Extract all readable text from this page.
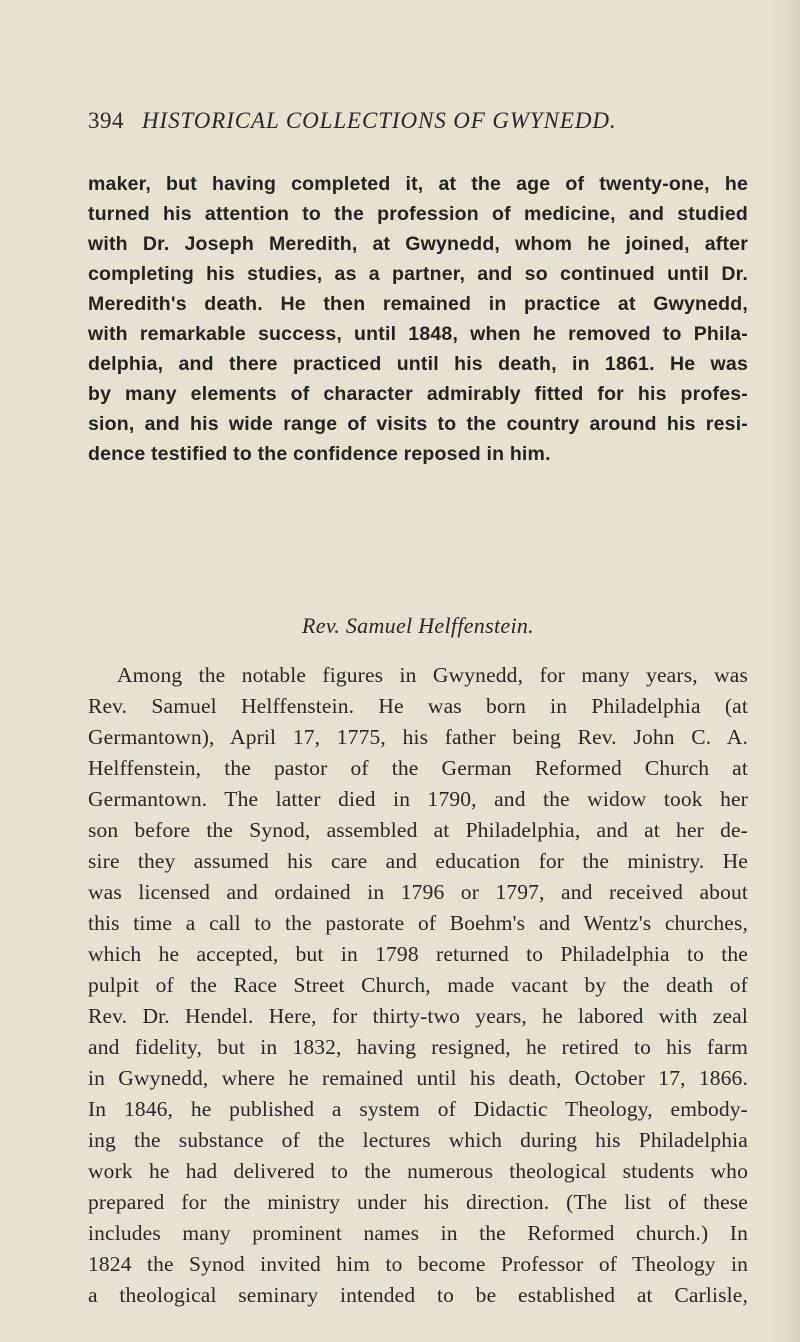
394 HISTORICAL COLLECTIONS OF GWYNEDD.
maker, but having completed it, at the age of twenty-one, he
turned his attention to the profession of medicine, and studied
with Dr. Joseph Meredith, at Gwynedd, whom he joined, after
completing his studies, as a partner, and so continued until Dr.
Meredith's death. He then remained in practice at Gwynedd,
with remarkable success, until 1848, when he removed to Phila-
delphia, and there practiced until his death, in 1861. He was
by many elements of character admirably fitted for his profes-
sion, and his wide range of visits to the country around his resi-
dence testified to the confidence reposed in him.
Rev. Samuel Helffenstein.
Among the notable figures in Gwynedd, for many years, was
Rev. Samuel Helffenstein. He was born in Philadelphia (at
Germantown), April 17, 1775, his father being Rev. John C. A.
Helffenstein, the pastor of the German Reformed Church at
Germantown. The latter died in 1790, and the widow took her
son before the Synod, assembled at Philadelphia, and at her de-
sire they assumed his care and education for the ministry. He
was licensed and ordained in 1796 or 1797, and received about
this time a call to the pastorate of Boehm's and Wentz's churches,
which he accepted, but in 1798 returned to Philadelphia to the
pulpit of the Race Street Church, made vacant by the death of
Rev. Dr. Hendel. Here, for thirty-two years, he labored with zeal
and fidelity, but in 1832, having resigned, he retired to his farm
in Gwynedd, where he remained until his death, October 17, 1866.
In 1846, he published a system of Didactic Theology, embody-
ing the substance of the lectures which during his Philadelphia
work he had delivered to the numerous theological students who
prepared for the ministry under his direction. (The list of these
includes many prominent names in the Reformed church.) In
1824 the Synod invited him to become Professor of Theology in
a theological seminary intended to be established at Carlisle,
